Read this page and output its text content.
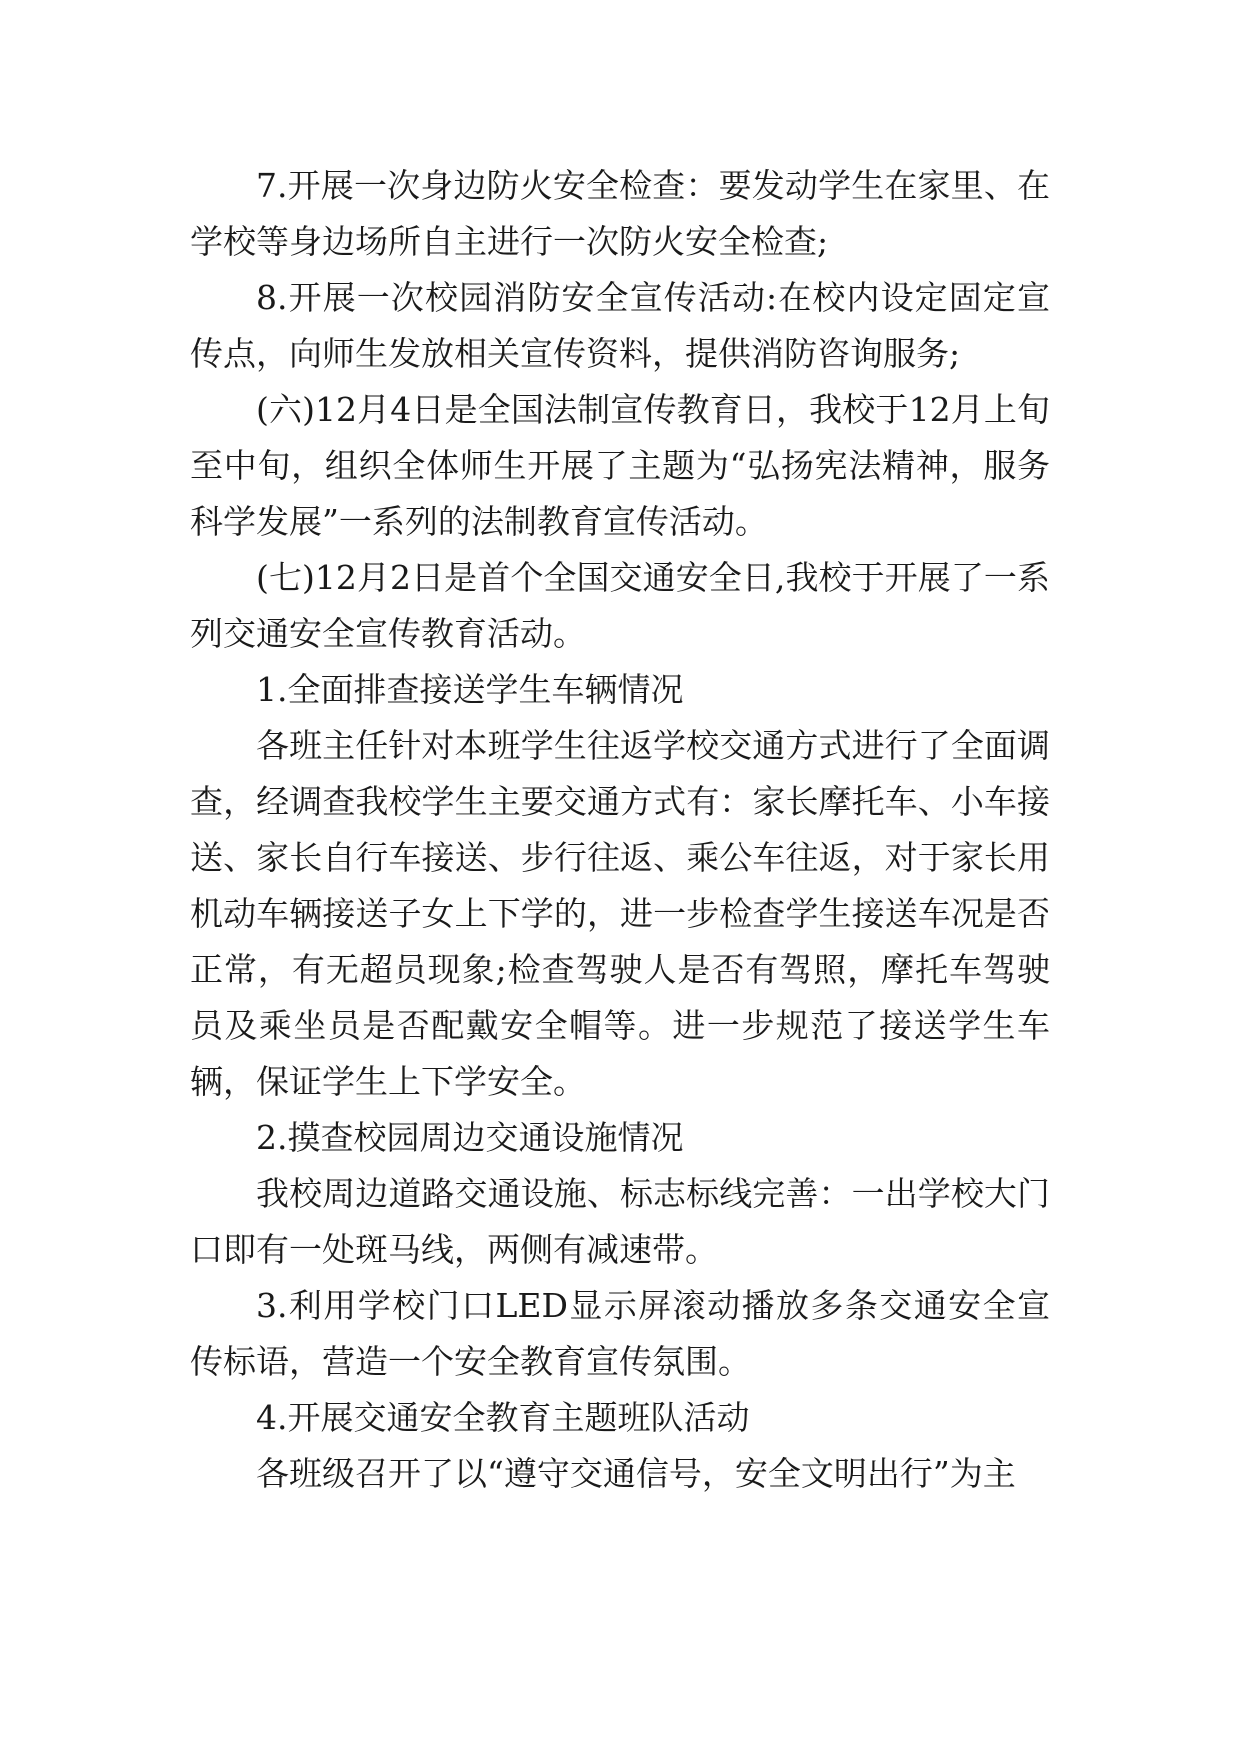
7.开展一次身边防火安全检查：要发动学生在家里、在学校等身边场所自主进行一次防火安全检查;

8.开展一次校园消防安全宣传活动:在校内设定固定宣传点，向师生发放相关宣传资料，提供消防咨询服务;

(六)12月4日是全国法制宣传教育日，我校于12月上旬至中旬，组织全体师生开展了主题为“弘扬宪法精神，服务科学发展”一系列的法制教育宣传活动。

(七)12月2日是首个全国交通安全日,我校于开展了一系列交通安全宣传教育活动。

1.全面排查接送学生车辆情况

各班主任针对本班学生往返学校交通方式进行了全面调查，经调查我校学生主要交通方式有：家长摩托车、小车接送、家长自行车接送、步行往返、乘公车往返，对于家长用机动车辆接送子女上下学的，进一步检查学生接送车况是否正常，有无超员现象;检查驾驶人是否有驾照，摩托车驾驶员及乘坐员是否配戴安全帽等。进一步规范了接送学生车辆，保证学生上下学安全。

2.摸查校园周边交通设施情况

我校周边道路交通设施、标志标线完善：一出学校大门口即有一处斑马线，两侧有减速带。

3.利用学校门口LED显示屏滚动播放多条交通安全宣传标语，营造一个安全教育宣传氛围。

4.开展交通安全教育主题班队活动

各班级召开了以“遵守交通信号，安全文明出行”为主
